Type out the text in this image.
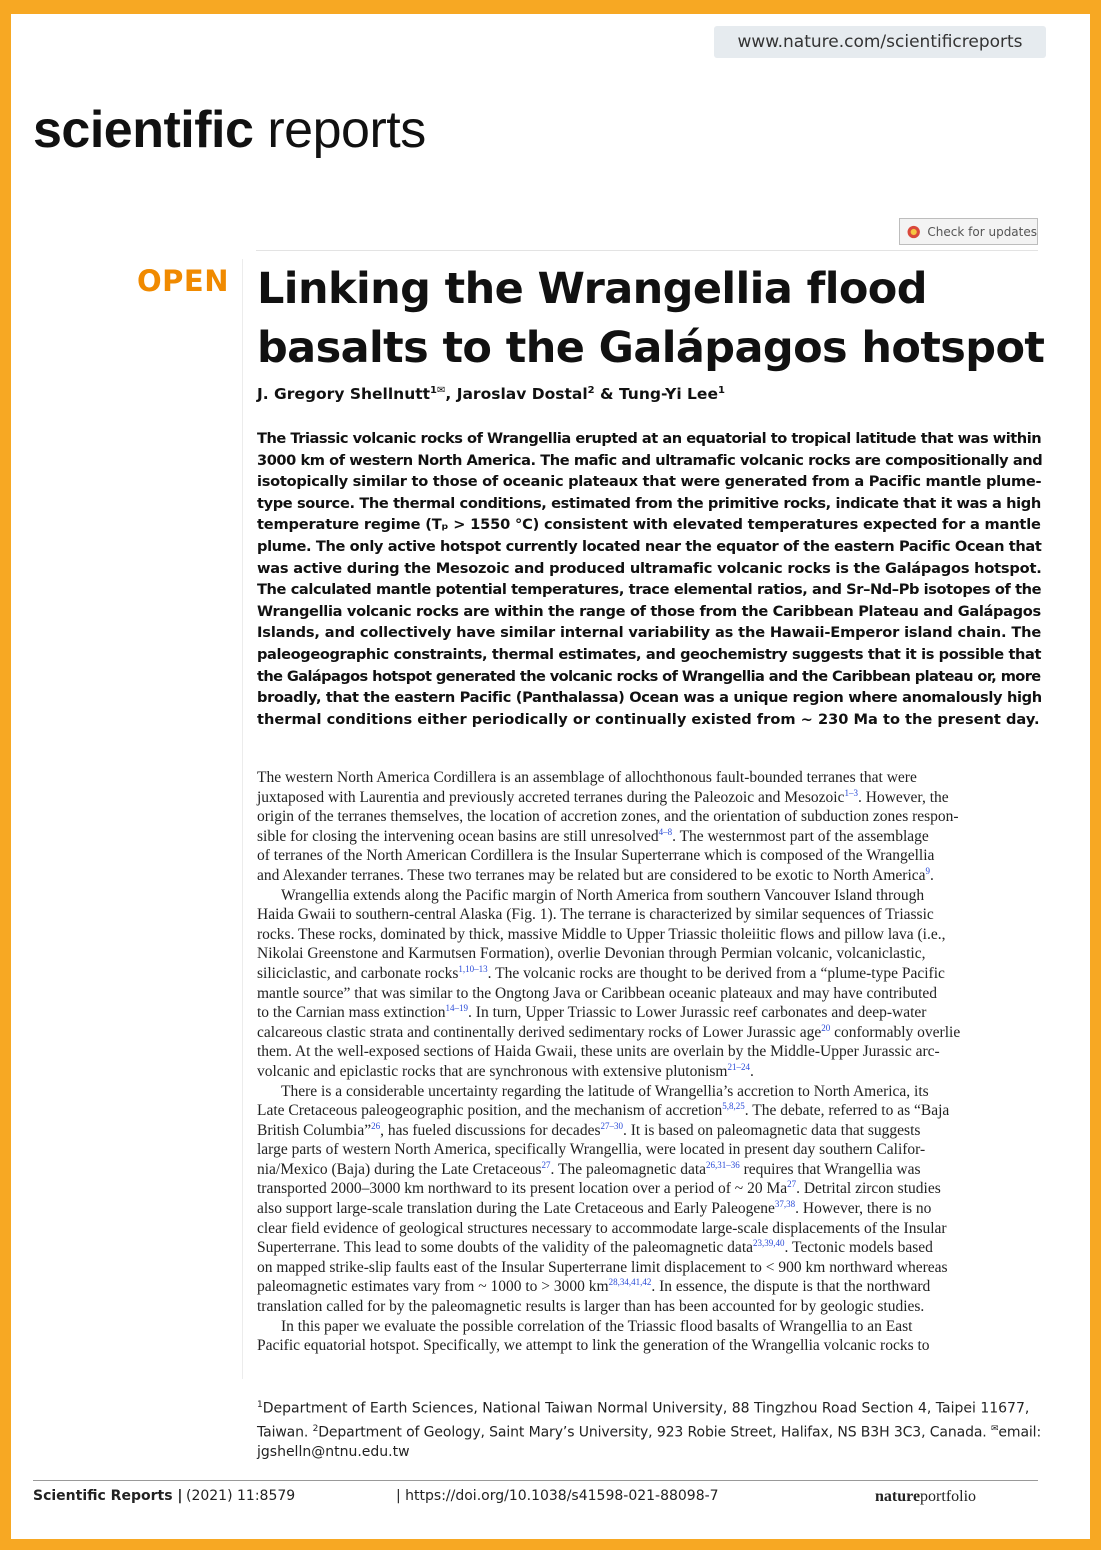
www.nature.com/scientificreports
scientific reports
Check for updates
OPEN Linking the Wrangellia flood
basalts to the Galápagos hotspot
J. Gregory Shellnutt$^{1✉}$, Jaroslav Dostal$^2$ & Tung-Yi Lee$^1$

The Triassic volcanic rocks of Wrangellia erupted at an equatorial to tropical latitude that was within

3000 km of western North America. The mafic and ultramafic volcanic rocks are compositionally and

isotopically similar to those of oceanic plateaux that were generated from a Pacific mantle plume-

type source. The thermal conditions, estimated from the primitive rocks, indicate that it was a high

temperature regime (Tₚ > 1550 °C) consistent with elevated temperatures expected for a mantle

plume. The only active hotspot currently located near the equator of the eastern Pacific Ocean that

was active during the Mesozoic and produced ultramafic volcanic rocks is the Galápagos hotspot.

The calculated mantle potential temperatures, trace elemental ratios, and Sr–Nd–Pb isotopes of the

Wrangellia volcanic rocks are within the range of those from the Caribbean Plateau and Galápagos

Islands, and collectively have similar internal variability as the Hawaii-Emperor island chain. The

paleogeographic constraints, thermal estimates, and geochemistry suggests that it is possible that

the Galápagos hotspot generated the volcanic rocks of Wrangellia and the Caribbean plateau or, more

broadly, that the eastern Pacific (Panthalassa) Ocean was a unique region where anomalously high

thermal conditions either periodically or continually existed from ~ 230 Ma to the present day.

The western North America Cordillera is an assemblage of allochthonous fault-bounded terranes that were

juxtaposed with Laurentia and previously accreted terranes during the Paleozoic and Mesozoic$^{1-3}$. However, the

origin of the terranes themselves, the location of accretion zones, and the orientation of subduction zones respon-

sible for closing the intervening ocean basins are still unresolved$^{4-8}$. The westernmost part of the assemblage

of terranes of the North American Cordillera is the Insular Superterrane which is composed of the Wrangellia

and Alexander terranes. These two terranes may be related but are considered to be exotic to North America$^9$.

Wrangellia extends along the Pacific margin of North America from southern Vancouver Island through

Haida Gwaii to southern-central Alaska (Fig. 1). The terrane is characterized by similar sequences of Triassic

rocks. These rocks, dominated by thick, massive Middle to Upper Triassic tholeiitic flows and pillow lava (i.e.,

Nikolai Greenstone and Karmutsen Formation), overlie Devonian through Permian volcanic, volcaniclastic,

siliciclastic, and carbonate rocks$^{1,10-13}$. The volcanic rocks are thought to be derived from a “plume-type Pacific

mantle source” that was similar to the Ongtong Java or Caribbean oceanic plateaux and may have contributed

to the Carnian mass extinction$^{14-19}$. In turn, Upper Triassic to Lower Jurassic reef carbonates and deep-water

calcareous clastic strata and continentally derived sedimentary rocks of Lower Jurassic age$^{20}$ conformably overlie

them. At the well-exposed sections of Haida Gwaii, these units are overlain by the Middle-Upper Jurassic arc-

volcanic and epiclastic rocks that are synchronous with extensive plutonism$^{21-24}$.

There is a considerable uncertainty regarding the latitude of Wrangellia’s accretion to North America, its

Late Cretaceous paleogeographic position, and the mechanism of accretion$^{5,8,25}$. The debate, referred to as “Baja

British Columbia”$^{26}$, has fueled discussions for decades$^{27-30}$. It is based on paleomagnetic data that suggests

large parts of western North America, specifically Wrangellia, were located in present day southern Califor-

nia/Mexico (Baja) during the Late Cretaceous$^{27}$. The paleomagnetic data$^{26,31-36}$ requires that Wrangellia was

transported 2000–3000 km northward to its present location over a period of ~ 20 Ma$^{27}$. Detrital zircon studies

also support large-scale translation during the Late Cretaceous and Early Paleogene$^{37,38}$. However, there is no

clear field evidence of geological structures necessary to accommodate large-scale displacements of the Insular

Superterrane. This lead to some doubts of the validity of the paleomagnetic data$^{23,39,40}$. Tectonic models based

on mapped strike-slip faults east of the Insular Superterrane limit displacement to < 900 km northward whereas

paleomagnetic estimates vary from ~ 1000 to > 3000 km$^{28,34,41,42}$. In essence, the dispute is that the northward

translation called for by the paleomagnetic results is larger than has been accounted for by geologic studies.

In this paper we evaluate the possible correlation of the Triassic flood basalts of Wrangellia to an East

Pacific equatorial hotspot. Specifically, we attempt to link the generation of the Wrangellia volcanic rocks to

$^1$Department of Earth Sciences, National Taiwan Normal University, 88 Tingzhou Road Section 4, Taipei 11677,

Taiwan. $^2$Department of Geology, Saint Mary’s University, 923 Robie Street, Halifax, NS B3H 3C3, Canada. ✉email:

jgshelln@ntnu.edu.tw

Scientific Reports | (2021) 11:8579	| https://doi.org/10.1038/s41598-021-88098-7	natureportfolio
